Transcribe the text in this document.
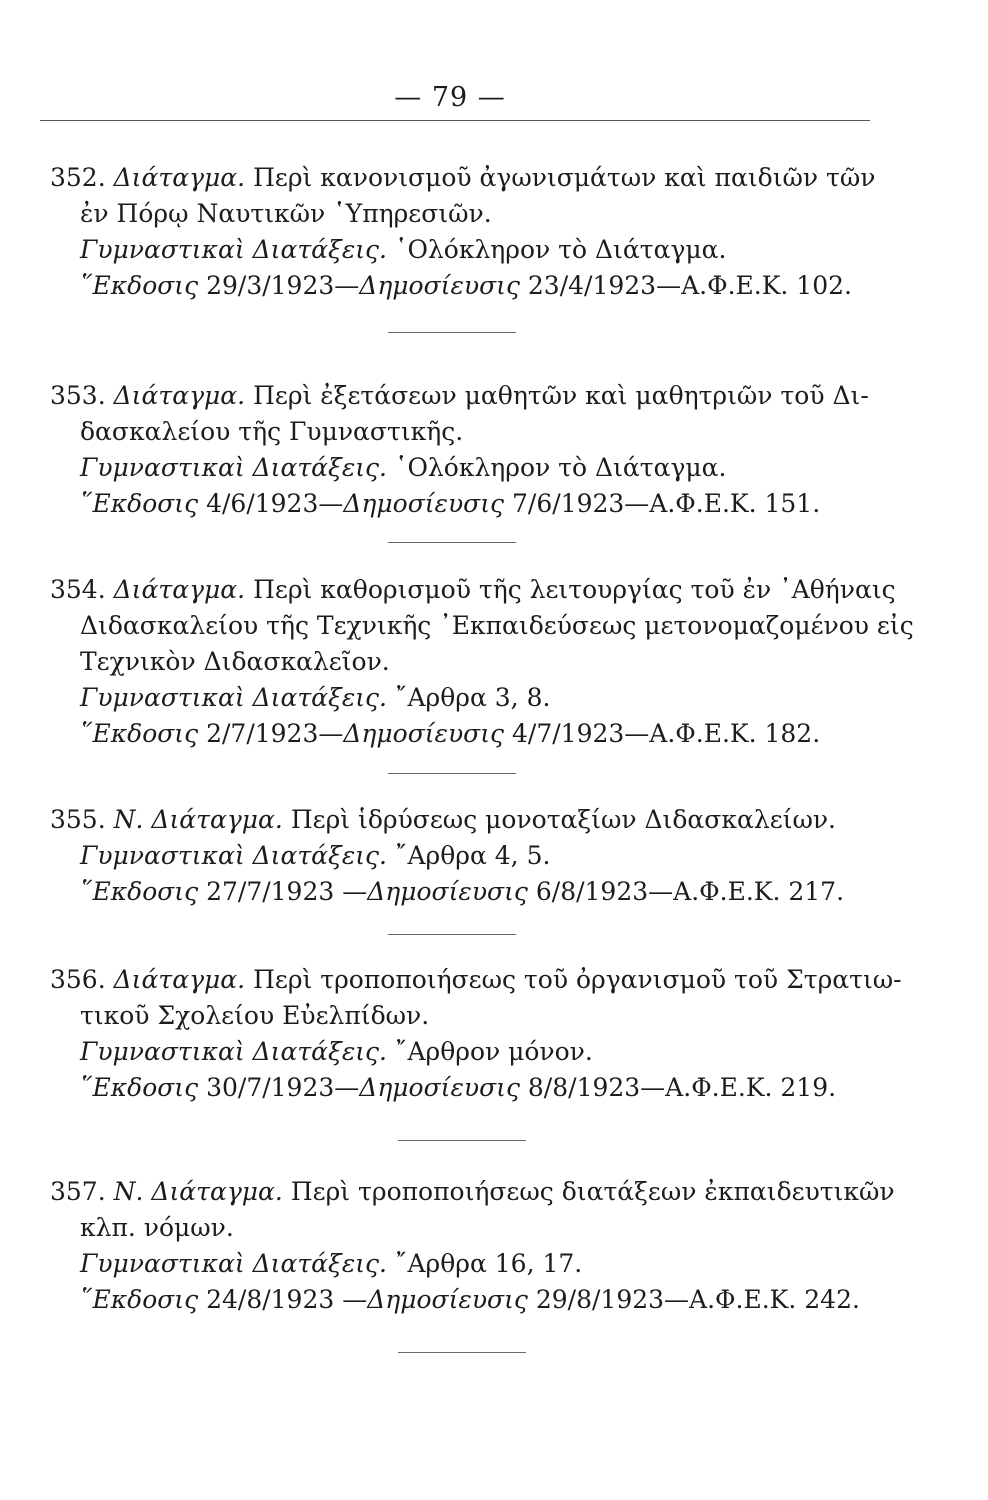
— 79 —
352. Διάταγμα. Περὶ κανονισμοῦ ἀγωνισμάτων καὶ παιδιῶν τῶν
ἐν Πόρῳ Ναυτικῶν ῾Υπηρεσιῶν.
Γυμναστικαὶ Διατάξεις. ῾Ολόκληρον τὸ Διάταγμα.
῞Εκδοσις 29/3/1923—Δημοσίευσις 23/4/1923—Α.Φ.Ε.Κ. 102.
353. Διάταγμα. Περὶ ἐξετάσεων μαθητῶν καὶ μαθητριῶν τοῦ Δι-
δασκαλείου τῆς Γυμναστικῆς.
Γυμναστικαὶ Διατάξεις. ῾Ολόκληρον τὸ Διάταγμα.
῞Εκδοσις 4/6/1923—Δημοσίευσις 7/6/1923—Α.Φ.Ε.Κ. 151.
354. Διάταγμα. Περὶ καθορισμοῦ τῆς λειτουργίας τοῦ ἐν ᾿Αθήναις
Διδασκαλείου τῆς Τεχνικῆς ᾿Εκπαιδεύσεως μετονομαζομένου εἰς
Τεχνικὸν Διδασκαλεῖον.
Γυμναστικαὶ Διατάξεις. ῎Αρθρα 3, 8.
῞Εκδοσις 2/7/1923—Δημοσίευσις 4/7/1923—Α.Φ.Ε.Κ. 182.
355. Ν. Διάταγμα. Περὶ ἱδρύσεως μονοταξίων Διδασκαλείων.
Γυμναστικαὶ Διατάξεις. ῎Αρθρα 4, 5.
῞Εκδοσις 27/7/1923 —Δημοσίευσις 6/8/1923—Α.Φ.Ε.Κ. 217.
356. Διάταγμα. Περὶ τροποποιήσεως τοῦ ὀργανισμοῦ τοῦ Στρατιω-
τικοῦ Σχολείου Εὐελπίδων.
Γυμναστικαὶ Διατάξεις. ῎Αρθρον μόνον.
῞Εκδοσις 30/7/1923—Δημοσίευσις 8/8/1923—Α.Φ.Ε.Κ. 219.
357. Ν. Διάταγμα. Περὶ τροποποιήσεως διατάξεων ἐκπαιδευτικῶν
κλπ. νόμων.
Γυμναστικαὶ Διατάξεις. ῎Αρθρα 16, 17.
῞Εκδοσις 24/8/1923 —Δημοσίευσις 29/8/1923—Α.Φ.Ε.Κ. 242.
